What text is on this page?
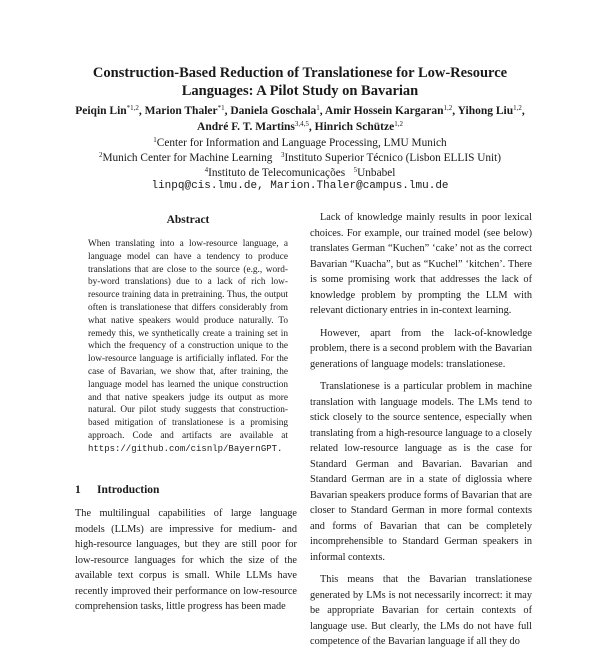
Construction-Based Reduction of Translationese for Low-Resource
Languages: A Pilot Study on Bavarian
Peiqin Lin$^{*1,2}$, Marion Thaler$^{*1}$, Daniela Goschala$^1$, Amir Hossein Kargaran$^{1,2}$, Yihong Liu$^{1,2}$,
André F. T. Martins$^{3,4,5}$, Hinrich Schütze$^{1,2}$
$^1$Center for Information and Language Processing, LMU Munich
$^2$Munich Center for Machine Learning $^3$Instituto Superior Técnico (Lisbon ELLIS Unit)
$^4$Instituto de Telecomunicações $^5$Unbabel
linpq@cis.lmu.de, Marion.Thaler@campus.lmu.de
Abstract

When translating into a low-resource language, a language model can have a tendency to produce translations that are close to the source (e.g., word-by-word translations) due to a lack of rich low-resource training data in pretraining. Thus, the output often is translationese that differs considerably from what native speakers would produce naturally. To remedy this, we synthetically create a training set in which the frequency of a construction unique to the low-resource language is artificially inflated. For the case of Bavarian, we show that, after training, the language model has learned the unique construction and that native speakers judge its output as more natural. Our pilot study suggests that construction-based mitigation of translationese is a promising approach. Code and artifacts are available at https://github.com/cisnlp/BayernGPT.

1 Introduction

The multilingual capabilities of large language models (LLMs) are impressive for medium- and high-resource languages, but they are still poor for low-resource languages for which the size of the available text corpus is small. While LLMs have recently improved their performance on low-resource comprehension tasks, little progress has been made

Lack of knowledge mainly results in poor lexical choices. For example, our trained model (see below) translates German “Kuchen” ‘cake’ not as the correct Bavarian “Kuacha”, but as “Kuchel” ‘kitchen’. There is some promising work that addresses the lack of knowledge problem by prompting the LLM with relevant dictionary entries in in-context learning.

However, apart from the lack-of-knowledge problem, there is a second problem with the Bavarian generations of language models: translationese.

Translationese is a particular problem in machine translation with language models. The LMs tend to stick closely to the source sentence, especially when translating from a high-resource language to a closely related low-resource language as is the case for Standard German and Bavarian. Bavarian and Standard German are in a state of diglossia where Bavarian speakers produce forms of Bavarian that are closer to Standard German in more formal contexts and forms of Bavarian that can be completely incomprehensible to Standard German speakers in informal contexts.

This means that the Bavarian translationese generated by LMs is not necessarily incorrect: it may be appropriate Bavarian for certain contexts of language use. But clearly, the LMs do not have full competence of the Bavarian language if all they do
